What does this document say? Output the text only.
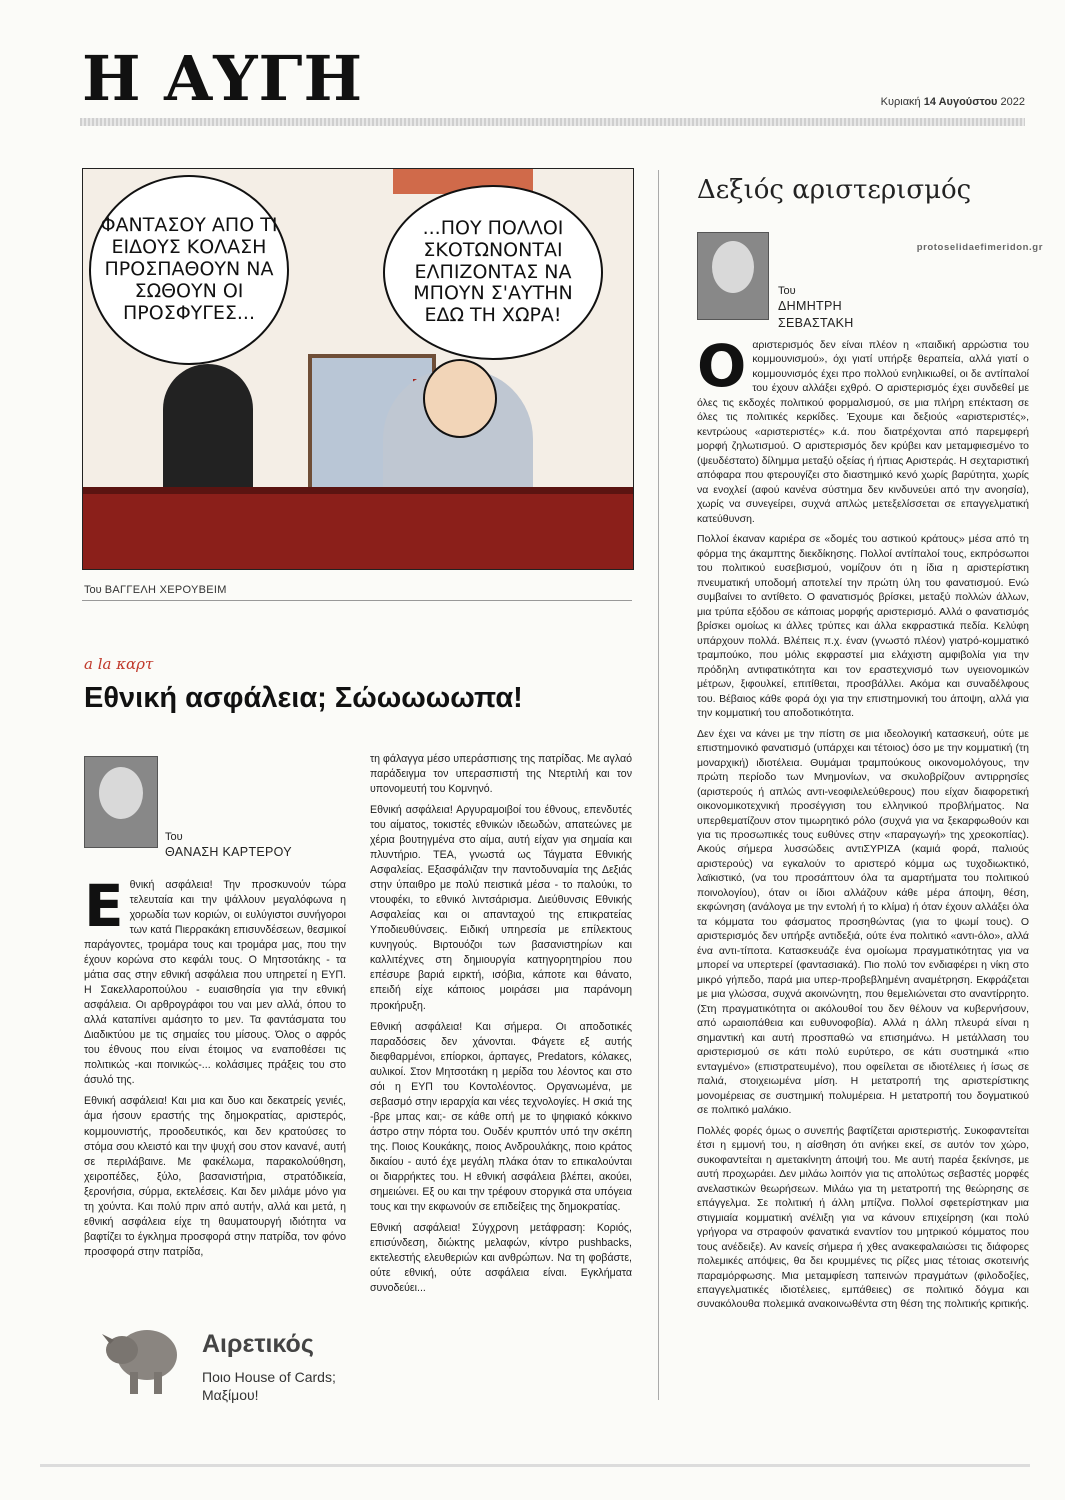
Η ΑΥΓΗ	Κυριακή 14 Αυγούστου 2022
ΦΑΝΤΑΣΟΥ ΑΠΟ ΤΙ ΕΙΔΟΥΣ ΚΟΛΑΣΗ ΠΡΟΣΠΑΘΟΥΝ ΝΑ ΣΩΘΟΥΝ ΟΙ ΠΡΟΣΦΥΓΕΣ...
...ΠΟΥ ΠΟΛΛΟΙ ΣΚΟΤΩΝΟΝΤΑΙ ΕΛΠΙΖΟΝΤΑΣ ΝΑ ΜΠΟΥΝ Σ'ΑΥΤΗΝ ΕΔΩ ΤΗ ΧΩΡΑ!
Του ΒΑΓΓΕΛΗ ΧΕΡΟΥΒΕΙΜ
a la καρτ
Εθνική ασφάλεια; Σώωωωωπα!
Του
ΘΑΝΑΣΗ ΚΑΡΤΕΡΟΥ

Εθνική ασφάλεια! Την προσκυνούν τώρα τελευταία και την ψάλλουν μεγαλόφωνα η χορωδία των κοριών, οι ευλύγιστοι συνήγοροι των κατά Πιερρακάκη επισυνδέσεων, θεσμικοί παράγοντες, τρομάρα τους και τρομάρα μας, που την έχουν κορώνα στο κεφάλι τους. Ο Μητσοτάκης - τα μάτια σας στην εθνική ασφάλεια που υπηρετεί η ΕΥΠ. Η Σακελλαροπούλου - ευαισθησία για την εθνική ασφάλεια. Οι αρθρογράφοι του ναι μεν αλλά, όπου το αλλά καταπίνει αμάσητο το μεν. Τα φαντάσματα του Διαδικτύου με τις σημαίες του μίσους. Όλος ο αφρός του έθνους που είναι έτοιμος να εναποθέσει τις πολιτικώς -και ποινικώς-... κολάσιμες πράξεις του στο άσυλό της.

Εθνική ασφάλεια! Και μια και δυο και δεκατρείς γενιές, άμα ήσουν εραστής της δημοκρατίας, αριστερός, κομμουνιστής, προοδευτικός, και δεν κρατούσες το στόμα σου κλειστό και την ψυχή σου στον κανανέ, αυτή σε περιλάβαινε. Με φακέλωμα, παρακολούθηση, χειροπέδες, ξύλο, βασανιστήρια, στρατόδικεία, ξερονήσια, σύρμα, εκτελέσεις. Και δεν μιλάμε μόνο για τη χούντα. Και πολύ πριν από αυτήν, αλλά και μετά, η εθνική ασφάλεια είχε τη θαυματουργή ιδιότητα να βαφτίζει το έγκλημα προσφορά στην πατρίδα, τον φόνο προσφορά στην πατρίδα,

τη φάλαγγα μέσο υπεράσπισης της πατρίδας. Με αγλαό παράδειγμα τον υπερασπιστή της Ντερτιλή και τον υπονομευτή του Κομνηνό.

Εθνική ασφάλεια! Αργυραμοιβοί του έθνους, επενδυτές του αίματος, τοκιστές εθνικών ιδεωδών, απατεώνες με χέρια βουτηγμένα στο αίμα, αυτή είχαν για σημαία και πλυντήριο. ΤΕΑ, γνωστά ως Τάγματα Εθνικής Ασφαλείας. Εξασφάλιζαν την παντοδυναμία της Δεξιάς στην ύπαιθρο με πολύ πειστικά μέσα - το παλούκι, το ντουφέκι, το εθνικό λιντσάρισμα. Διεύθυνσις Εθνικής Ασφαλείας και οι απανταχού της επικρατείας Υποδιευθύνσεις. Ειδική υπηρεσία με επίλεκτους κυνηγούς. Βιρτουόζοι των βασανιστηρίων και καλλιτέχνες στη δημιουργία κατηγορητηρίου που επέσυρε βαριά ειρκτή, ισόβια, κάποτε και θάνατο, επειδή είχε κάποιος μοιράσει μια παράνομη προκήρυξη.

Εθνική ασφάλεια! Και σήμερα. Οι αποδοτικές παραδόσεις δεν χάνονται. Φάγετε εξ αυτής διεφθαρμένοι, επίορκοι, άρπαγες, Predators, κόλακες, αυλικοί. Στον Μητσοτάκη η μερίδα του λέοντος και στο σόι η ΕΥΠ του Κοντολέοντος. Οργανωμένα, με σεβασμό στην ιεραρχία και νέες τεχνολογίες. Η σκιά της -βρε μπας και;- σε κάθε οπή με το ψηφιακό κόκκινο άστρο στην πόρτα του. Ουδέν κρυπτόν υπό την σκέπη της. Ποιος Κουκάκης, ποιος Ανδρουλάκης, ποιο κράτος δικαίου - αυτό έχε μεγάλη πλάκα όταν το επικαλούνται οι διαρρήκτες του. Η εθνική ασφάλεια βλέπει, ακούει, σημειώνει. Εξ ου και την τρέφουν στοργικά στα υπόγεια τους και την εκφωνούν σε επιδείξεις της δημοκρατίας.

Εθνική ασφάλεια! Σύγχρονη μετάφραση: Κοριός, επισύνδεση, διώκτης μελαφών, κίντρο pushbacks, εκτελεστής ελευθεριών και ανθρώπων. Να τη φοβάστε, ούτε εθνική, ούτε ασφάλεια είναι. Εγκλήματα συνοδεύει...

Αιρετικός
Ποιο House of Cards;
Μαξίμου!
Δεξιός αριστερισμός
protoselidaefimeridon.gr
Του
ΔΗΜΗΤΡΗ
ΣΕΒΑΣΤΑΚΗ

Οαριστερισμός δεν είναι πλέον η «παιδική αρρώστια του κομμουνισμού», όχι γιατί υπήρξε θεραπεία, αλλά γιατί ο κομμουνισμός έχει προ πολλού ενηλικιωθεί, οι δε αντίπαλοί του έχουν αλλάξει εχθρό. Ο αριστερισμός έχει συνδεθεί με όλες τις εκδοχές πολιτικού φορμαλισμού, σε μια πλήρη επέκταση σε όλες τις πολιτικές κερκίδες. Έχουμε και δεξιούς «αριστεριστές», κεντρώους «αριστεριστές» κ.ά. που διατρέχονται από παρεμφερή μορφή ζηλωτισμού. Ο αριστερισμός δεν κρύβει καν μεταμφιεσμένο το (ψευδέστατο) δίλημμα μεταξύ οξείας ή ήπιας Αριστεράς. Η σεχταριστική απόφαρα που φτερουγίζει στο διαστημικό κενό χωρίς βαρύτητα, χωρίς να ενοχλεί (αφού κανένα σύστημα δεν κινδυνεύει από την ανοησία), χωρίς να συνεγείρει, συχνά απλώς μετεξελίσσεται σε επαγγελματική κατεύθυνση.

Πολλοί έκαναν καριέρα σε «δομές του αστικού κράτους» μέσα από τη φόρμα της άκαμπτης διεκδίκησης. Πολλοί αντίπαλοί τους, εκπρόσωποι του πολιτικού ευσεβισμού, νομίζουν ότι η ίδια η αριστερίστικη πνευματική υποδομή αποτελεί την πρώτη ύλη του φανατισμού. Ενώ συμβαίνει το αντίθετο. Ο φανατισμός βρίσκει, μεταξύ πολλών άλλων, μια τρύπα εξόδου σε κάποιας μορφής αριστερισμό. Αλλά ο φανατισμός βρίσκει ομοίως κι άλλες τρύπες και άλλα εκφραστικά πεδία. Κελύφη υπάρχουν πολλά. Βλέπεις π.χ. έναν (γνωστό πλέον) γιατρό-κομματικό τραμπούκο, που μόλις εκφραστεί μια ελάχιστη αμφιβολία για την πρόδηλη αντιφατικότητα και τον εραστεχνισμό των υγειονομικών μέτρων, ξιφουλκεί, επιτίθεται, προσβάλλει. Ακόμα και συναδέλφους του. Βέβαιος κάθε φορά όχι για την επιστημονική του άποψη, αλλά για την κομματική του αποδοτικότητα.

Δεν έχει να κάνει με την πίστη σε μια ιδεολογική κατασκευή, ούτε με επιστημονικό φανατισμό (υπάρχει και τέτοιος) όσο με την κομματική (τη μοναρχική) ιδιοτέλεια. Θυμάμαι τραμπούκους οικονομολόγους, την πρώτη περίοδο των Μνημονίων, να σκυλοβρίζουν αντιρρησίες (αριστερούς ή απλώς αντι-νεοφιλελεύθερους) που είχαν διαφορετική οικονομικοτεχνική προσέγγιση του ελληνικού προβλήματος. Να υπερθεματίζουν στον τιμωρητικό ρόλο (συχνά για να ξεκαρφωθούν και για τις προσωπικές τους ευθύνες στην «παραγωγή» της χρεοκοπίας). Ακούς σήμερα λυσσώδεις αντιΣΥΡΙΖΑ (καμιά φορά, παλιούς αριστερούς) να εγκαλούν το αριστερό κόμμα ως τυχοδιωκτικό, λαϊκιστικό, (να του προσάπτουν όλα τα αμαρτήματα του πολιτικού ποινολογίου), όταν οι ίδιοι αλλάζουν κάθε μέρα άποψη, θέση, εκφώνηση (ανάλογα με την εντολή ή το κλίμα) ή όταν έχουν αλλάξει όλα τα κόμματα του φάσματος προσηθώντας (για το ψωμί τους). Ο αριστερισμός δεν υπήρξε αντιδεξιά, ούτε ένα πολιτικό «αντι-όλο», αλλά ένα αντι-τίποτα. Κατασκευάζε ένα ομοίωμα πραγματικότητας για να μπορεί να υπερτερεί (φαντασιακά). Πιο πολύ τον ενδιαφέρει η νίκη στο μικρό γήπεδο, παρά μια υπερ-προβεβλημένη αναμέτρηση. Εκφράζεται με μια γλώσσα, συχνά ακοινώνητη, που θεμελιώνεται στο αναντίρρητο. (Στη πραγματικότητα οι ακόλουθοί του δεν θέλουν να κυβερνήσουν, από ωραιοπάθεια και ευθυνοφοβία). Αλλά η άλλη πλευρά είναι η σημαντική και αυτή προσπαθώ να επισημάνω. Η μετάλλαση του αριστερισμού σε κάτι πολύ ευρύτερο, σε κάτι συστημικά «πιο ενταγμένο» (επιστρατευμένο), που οφείλεται σε ιδιοτέλειες ή ίσως σε παλιά, στοιχειωμένα μίση. Η μετατροπή της αριστερίστικης μονομέρειας σε συστημική πολυμέρεια. Η μετατροπή του δογματικού σε πολιτικό μαλάκιο.

Πολλές φορές όμως ο συνεπής βαφτίζεται αριστεριστής. Συκοφαντείται έτσι η εμμονή του, η αίσθηση ότι ανήκει εκεί, σε αυτόν τον χώρο, συκοφαντείται η αμετακίνητη άποψή του. Με αυτή παρέα ξεκίνησε, με αυτή προχωράει. Δεν μιλάω λοιπόν για τις απολύτως σεβαστές μορφές ανελαστικών θεωρήσεων. Μιλάω για τη μετατροπή της θεώρησης σε επάγγελμα. Σε πολιτική ή άλλη μπίζνα. Πολλοί σφετερίστηκαν μια στιγμιαία κομματική ανέλιξη για να κάνουν επιχείρηση (και πολύ γρήγορα να στραφούν φανατικά εναντίον του μητρικού κόμματος που τους ανέδειξε). Αν κανείς σήμερα ή χθες ανακεφαλαιώσει τις διάφορες πολεμικές απόψεις, θα δει κρυμμένες τις ρίζες μιας τέτοιας σκοτεινής παραμόρφωσης. Μια μεταμφίεση ταπεινών πραγμάτων (φιλοδοξίες, επαγγελματικές ιδιοτέλειες, εμπάθειες) σε πολιτικό δόγμα και συνακόλουθα πολεμικά ανακοινωθέντα στη θέση της πολιτικής κριτικής.
